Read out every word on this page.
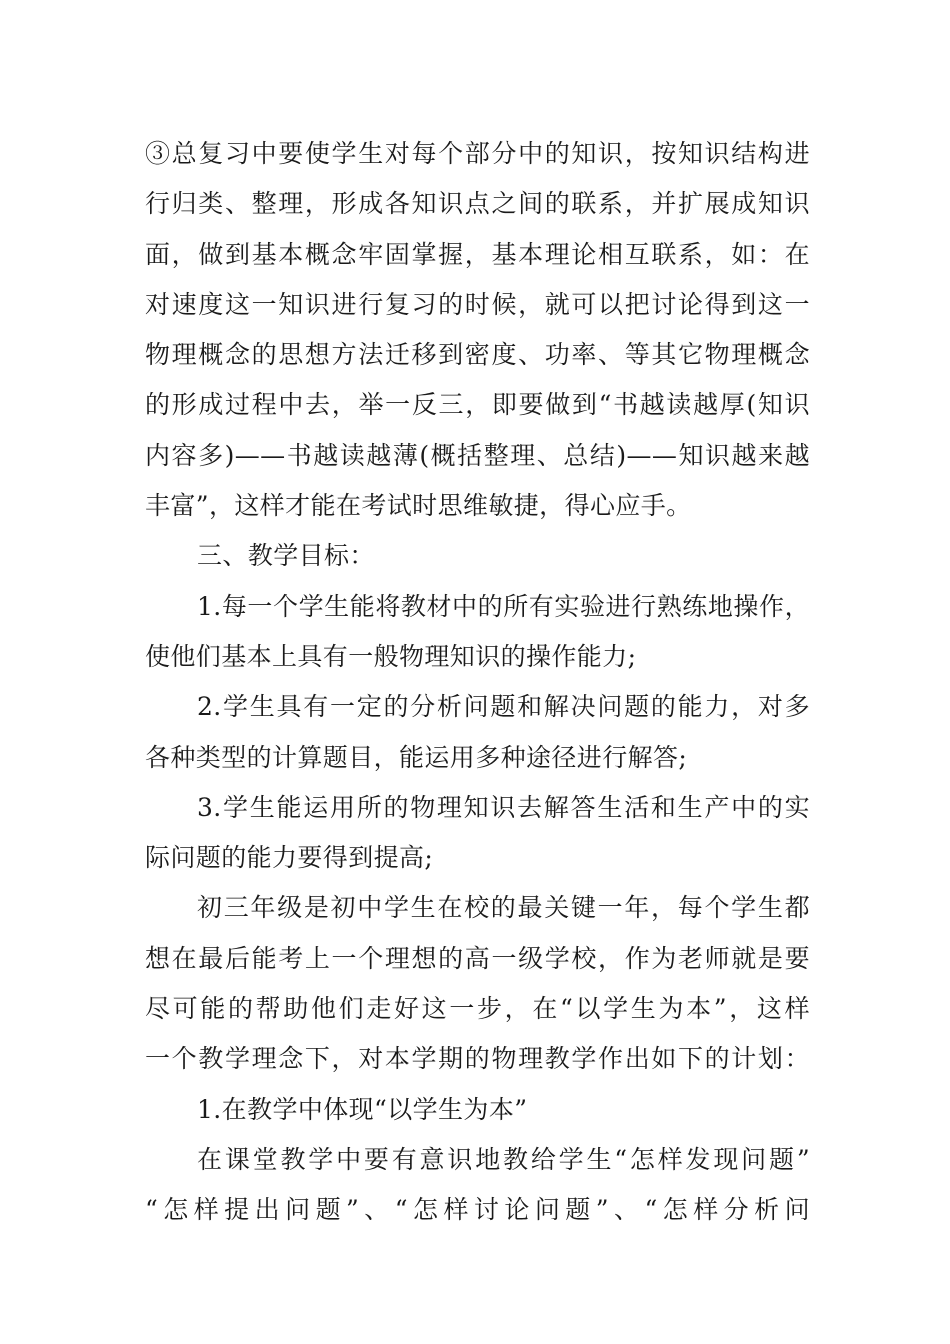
③总复习中要使学生对每个部分中的知识，按知识结构进
行归类、整理，形成各知识点之间的联系，并扩展成知识
面，做到基本概念牢固掌握，基本理论相互联系，如：在
对速度这一知识进行复习的时候，就可以把讨论得到这一
物理概念的思想方法迁移到密度、功率、等其它物理概念
的形成过程中去，举一反三，即要做到“书越读越厚(知识
内容多)——书越读越薄(概括整理、总结)——知识越来越
丰富”，这样才能在考试时思维敏捷，得心应手。
三、教学目标：
1.每一个学生能将教材中的所有实验进行熟练地操作，
使他们基本上具有一般物理知识的操作能力;
2.学生具有一定的分析问题和解决问题的能力，对多
各种类型的计算题目，能运用多种途径进行解答;
3.学生能运用所的物理知识去解答生活和生产中的实
际问题的能力要得到提高;
初三年级是初中学生在校的最关键一年，每个学生都
想在最后能考上一个理想的高一级学校，作为老师就是要
尽可能的帮助他们走好这一步，在“以学生为本”，这样
一个教学理念下，对本学期的物理教学作出如下的计划：
1.在教学中体现“以学生为本”
在课堂教学中要有意识地教给学生“怎样发现问题”
“怎样提出问题”、“怎样讨论问题”、“怎样分析问
